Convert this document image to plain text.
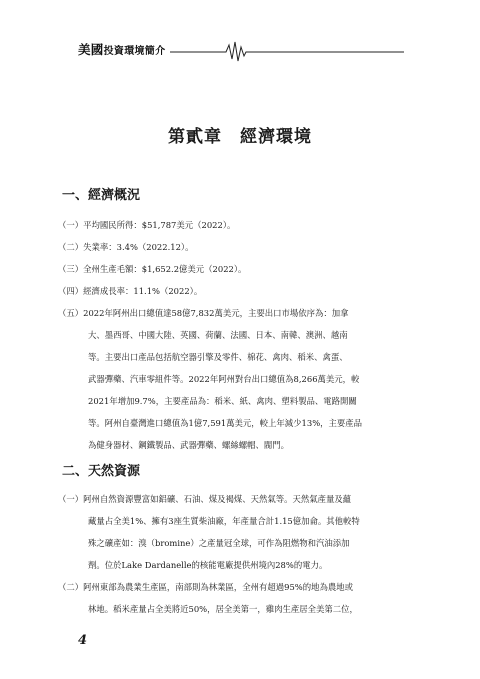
美國投資環境簡介
第貳章　經濟環境
一、經濟概況
（一）平均國民所得：$51,787美元（2022）。
（二）失業率：3.4%（2022.12）。
（三）全州生產毛額：$1,652.2億美元（2022）。
（四）經濟成長率：11.1%（2022）。
（五）2022年阿州出口總值達58億7,832萬美元，主要出口市場依序為：加拿
大、墨西哥、中國大陸、英國、荷蘭、法國、日本、南韓、澳洲、越南
等。主要出口產品包括航空器引擎及零件、棉花、禽肉、稻米、禽蛋、
武器彈藥、汽車零組件等。2022年阿州對台出口總值為8,266萬美元，較
2021年增加9.7%，主要產品為：稻米、紙、禽肉、塑料製品、電路開關
等。阿州自臺灣進口總值為1億7,591萬美元，較上年減少13%，主要產品
為健身器材、鋼鐵製品、武器彈藥、螺絲螺帽、閥門。
二、天然資源
（一）阿州自然資源豐富如鋁礦、石油、煤及褐煤、天然氣等。天然氣產量及蘊
藏量占全美1%、擁有3座生質柴油廠，年產量合計1.15億加侖。其他較特
殊之礦產如：溴（bromine）之產量冠全球，可作為阻燃物和汽油添加
劑。位於Lake Dardanelle的核能電廠提供州境內28%的電力。
（二）阿州東部為農業生產區，南部則為林業區，全州有超過95%的地為農地或
林地。稻米產量占全美將近50%，居全美第一，雞肉生產居全美第二位，
4
